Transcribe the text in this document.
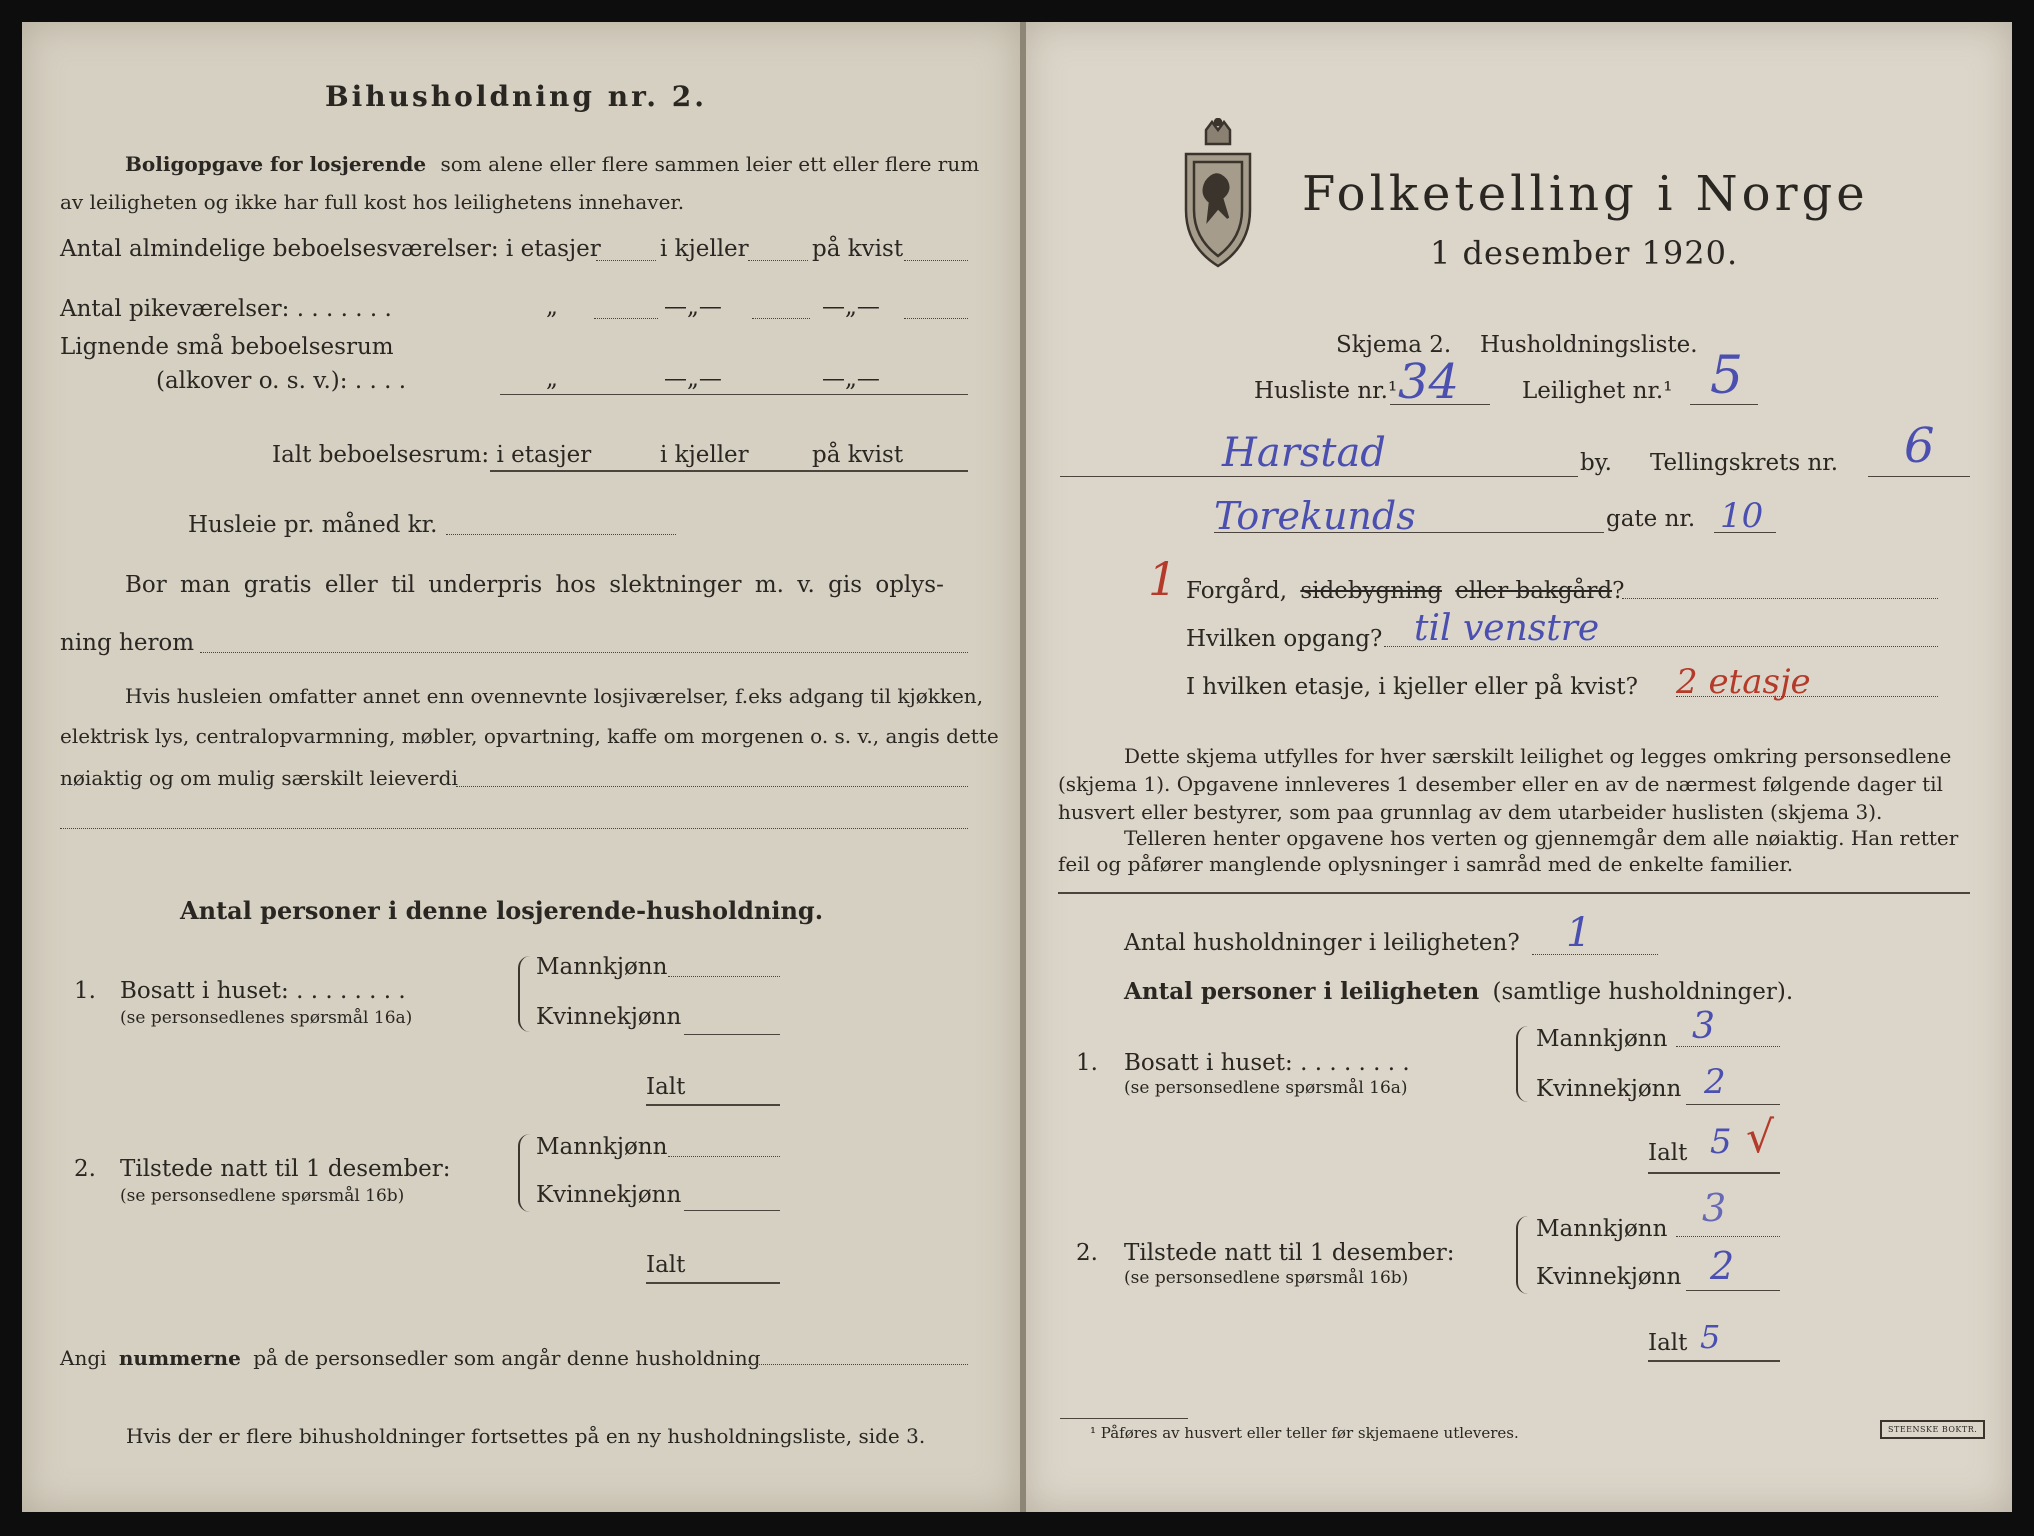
Bihusholdning nr. 2.
Boligopgave for losjerende som alene eller flere sammen leier ett eller flere rum
av leiligheten og ikke har full kost hos leilighetens innehaver.
Antal almindelige beboelsesværelser: i etasjer	i kjeller	på kvist
Antal pikeværelser: . . . . . . .	„	—„—	—„—
Lignende små beboelsesrum
(alkover o. s. v.): . . . .	„	—„—	—„—
Ialt beboelsesrum: i etasjer	i kjeller	på kvist
Husleie pr. måned kr.
Bor man gratis eller til underpris hos slektninger m. v. gis oplys-
ning herom
Hvis husleien omfatter annet enn ovennevnte losjiværelser, f.eks adgang til kjøkken,
elektrisk lys, centralopvarmning, møbler, opvartning, kaffe om morgenen o. s. v., angis dette
nøiaktig og om mulig særskilt leieverdi
Antal personer i denne losjerende-husholdning.
1. Bosatt i huset: . . . . . . . .
(se personsedlenes spørsmål 16a)
Mannkjønn
Kvinnekjønn
Ialt
2. Tilstede natt til 1 desember:
(se personsedlene spørsmål 16b)
Mannkjønn
Kvinnekjønn
Ialt
Angi nummerne på de personsedler som angår denne husholdning
Hvis der er flere bihusholdninger fortsettes på en ny husholdningsliste, side 3.
Folketelling i Norge
1 desember 1920.
Skjema 2. Husholdningsliste.
Husliste nr.¹ 34	Leilighet nr.¹ 5
Harstad	by. Tellingskrets nr. 6
Torekunds	gate nr. 10
1 Forgård, sidebygning eller bakgård?
Hvilken opgang? til venstre
I hvilken etasje, i kjeller eller på kvist? 2 etasje
Dette skjema utfylles for hver særskilt leilighet og legges omkring personsedlene
(skjema 1). Opgavene innleveres 1 desember eller en av de nærmest følgende dager til
husvert eller bestyrer, som paa grunnlag av dem utarbeider huslisten (skjema 3).
Telleren henter opgavene hos verten og gjennemgår dem alle nøiaktig. Han retter
feil og påfører manglende oplysninger i samråd med de enkelte familier.
Antal husholdninger i leiligheten? 1
Antal personer i leiligheten (samtlige husholdninger).
1. Bosatt i huset: . . . . . . . .
(se personsedlene spørsmål 16a)
Mannkjønn 3
Kvinnekjønn 2
Ialt 5 √
2. Tilstede natt til 1 desember:
(se personsedlene spørsmål 16b)
Mannkjønn 3
Kvinnekjønn 2
Ialt 5
¹ Påføres av husvert eller teller før skjemaene utleveres.	STEENSKE BOKTR.
